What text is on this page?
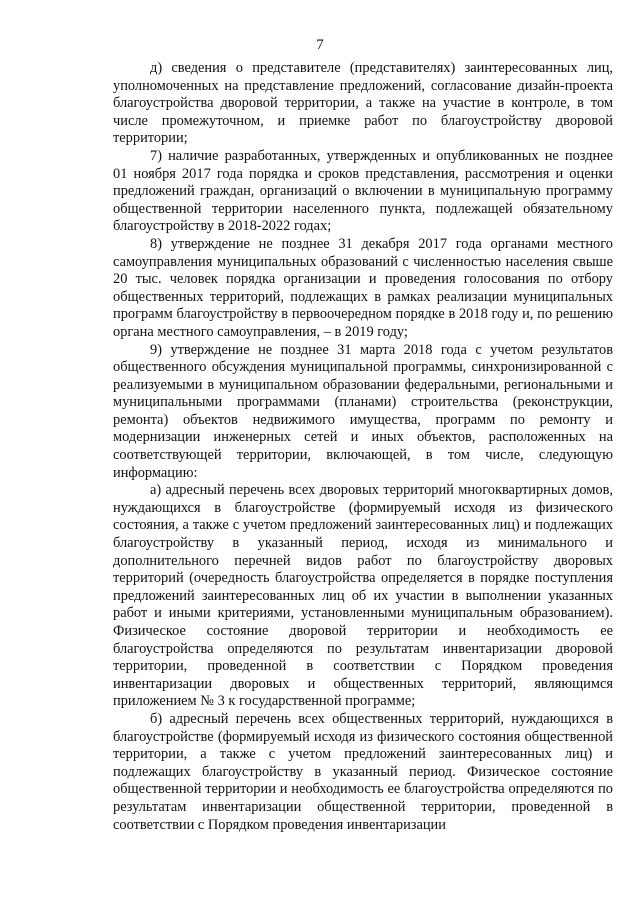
7

д) сведения о представителе (представителях) заинтересованных лиц, уполномоченных на представление предложений, согласование дизайн-проекта благоустройства дворовой территории, а также на участие в контроле, в том числе промежуточном, и приемке работ по благоустройству дворовой территории;

7) наличие разработанных, утвержденных и опубликованных не позднее 01 ноября 2017 года порядка и сроков представления, рассмотрения и оценки предложений граждан, организаций о включении в муниципальную программу общественной территории населенного пункта, подлежащей обязательному благоустройству в 2018-2022 годах;

8) утверждение не позднее 31 декабря 2017 года органами местного самоуправления муниципальных образований с численностью населения свыше 20 тыс. человек порядка организации и проведения голосования по отбору общественных территорий, подлежащих в рамках реализации муниципальных программ благоустройству в первоочередном порядке в 2018 году и, по решению органа местного самоуправления, – в 2019 году;

9) утверждение не позднее 31 марта 2018 года с учетом результатов общественного обсуждения муниципальной программы, синхронизированной с реализуемыми в муниципальном образовании федеральными, региональными и муниципальными программами (планами) строительства (реконструкции, ремонта) объектов недвижимого имущества, программ по ремонту и модернизации инженерных сетей и иных объектов, расположенных на соответствующей территории, включающей, в том числе, следующую информацию:

а) адресный перечень всех дворовых территорий многоквартирных домов, нуждающихся в благоустройстве (формируемый исходя из физического состояния, а также с учетом предложений заинтересованных лиц) и подлежащих благоустройству в указанный период, исходя из минимального и дополнительного перечней видов работ по благоустройству дворовых территорий (очередность благоустройства определяется в порядке поступления предложений заинтересованных лиц об их участии в выполнении указанных работ и иными критериями, установленными муниципальным образованием). Физическое состояние дворовой территории и необходимость ее благоустройства определяются по результатам инвентаризации дворовой территории, проведенной в соответствии с Порядком проведения инвентаризации дворовых и общественных территорий, являющимся приложением № 3 к государственной программе;

б) адресный перечень всех общественных территорий, нуждающихся в благоустройстве (формируемый исходя из физического состояния общественной территории, а также с учетом предложений заинтересованных лиц) и подлежащих благоустройству в указанный период. Физическое состояние общественной территории и необходимость ее благоустройства определяются по результатам инвентаризации общественной территории, проведенной в соответствии с Порядком проведения инвентаризации
